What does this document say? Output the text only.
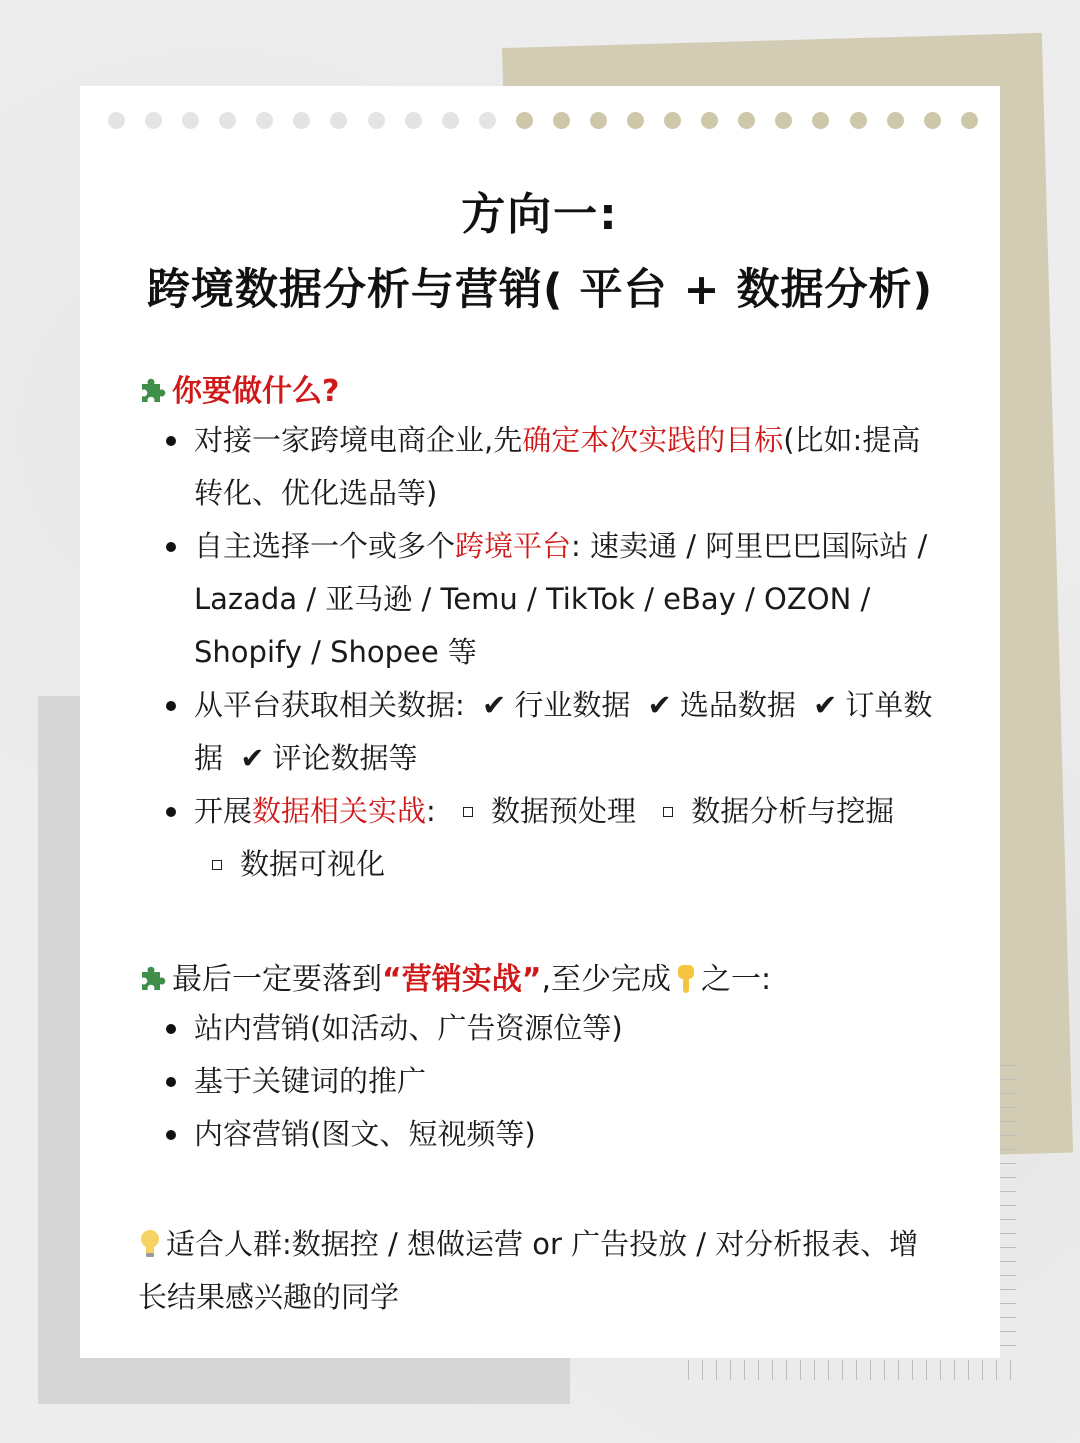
方向一:
跨境数据分析与营销( 平台 + 数据分析)
你要做什么?
对接一家跨境电商企业,先确定本次实践的目标(比如:提高转化、优化选品等)
自主选择一个或多个跨境平台: 速卖通 / 阿里巴巴国际站 / Lazada / 亚马逊 / Temu / TikTok / eBay / OZON / Shopify / Shopee 等
从平台获取相关数据: ✔ 行业数据 ✔ 选品数据 ✔ 订单数据 ✔ 评论数据等
开展数据相关实战: 数据预处理 数据分析与挖掘 数据可视化
最后一定要落到“营销实战”,至少完成 之一:
站内营销(如活动、广告资源位等)
基于关键词的推广
内容营销(图文、短视频等)
适合人群:数据控 / 想做运营 or 广告投放 / 对分析报表、增长结果感兴趣的同学
